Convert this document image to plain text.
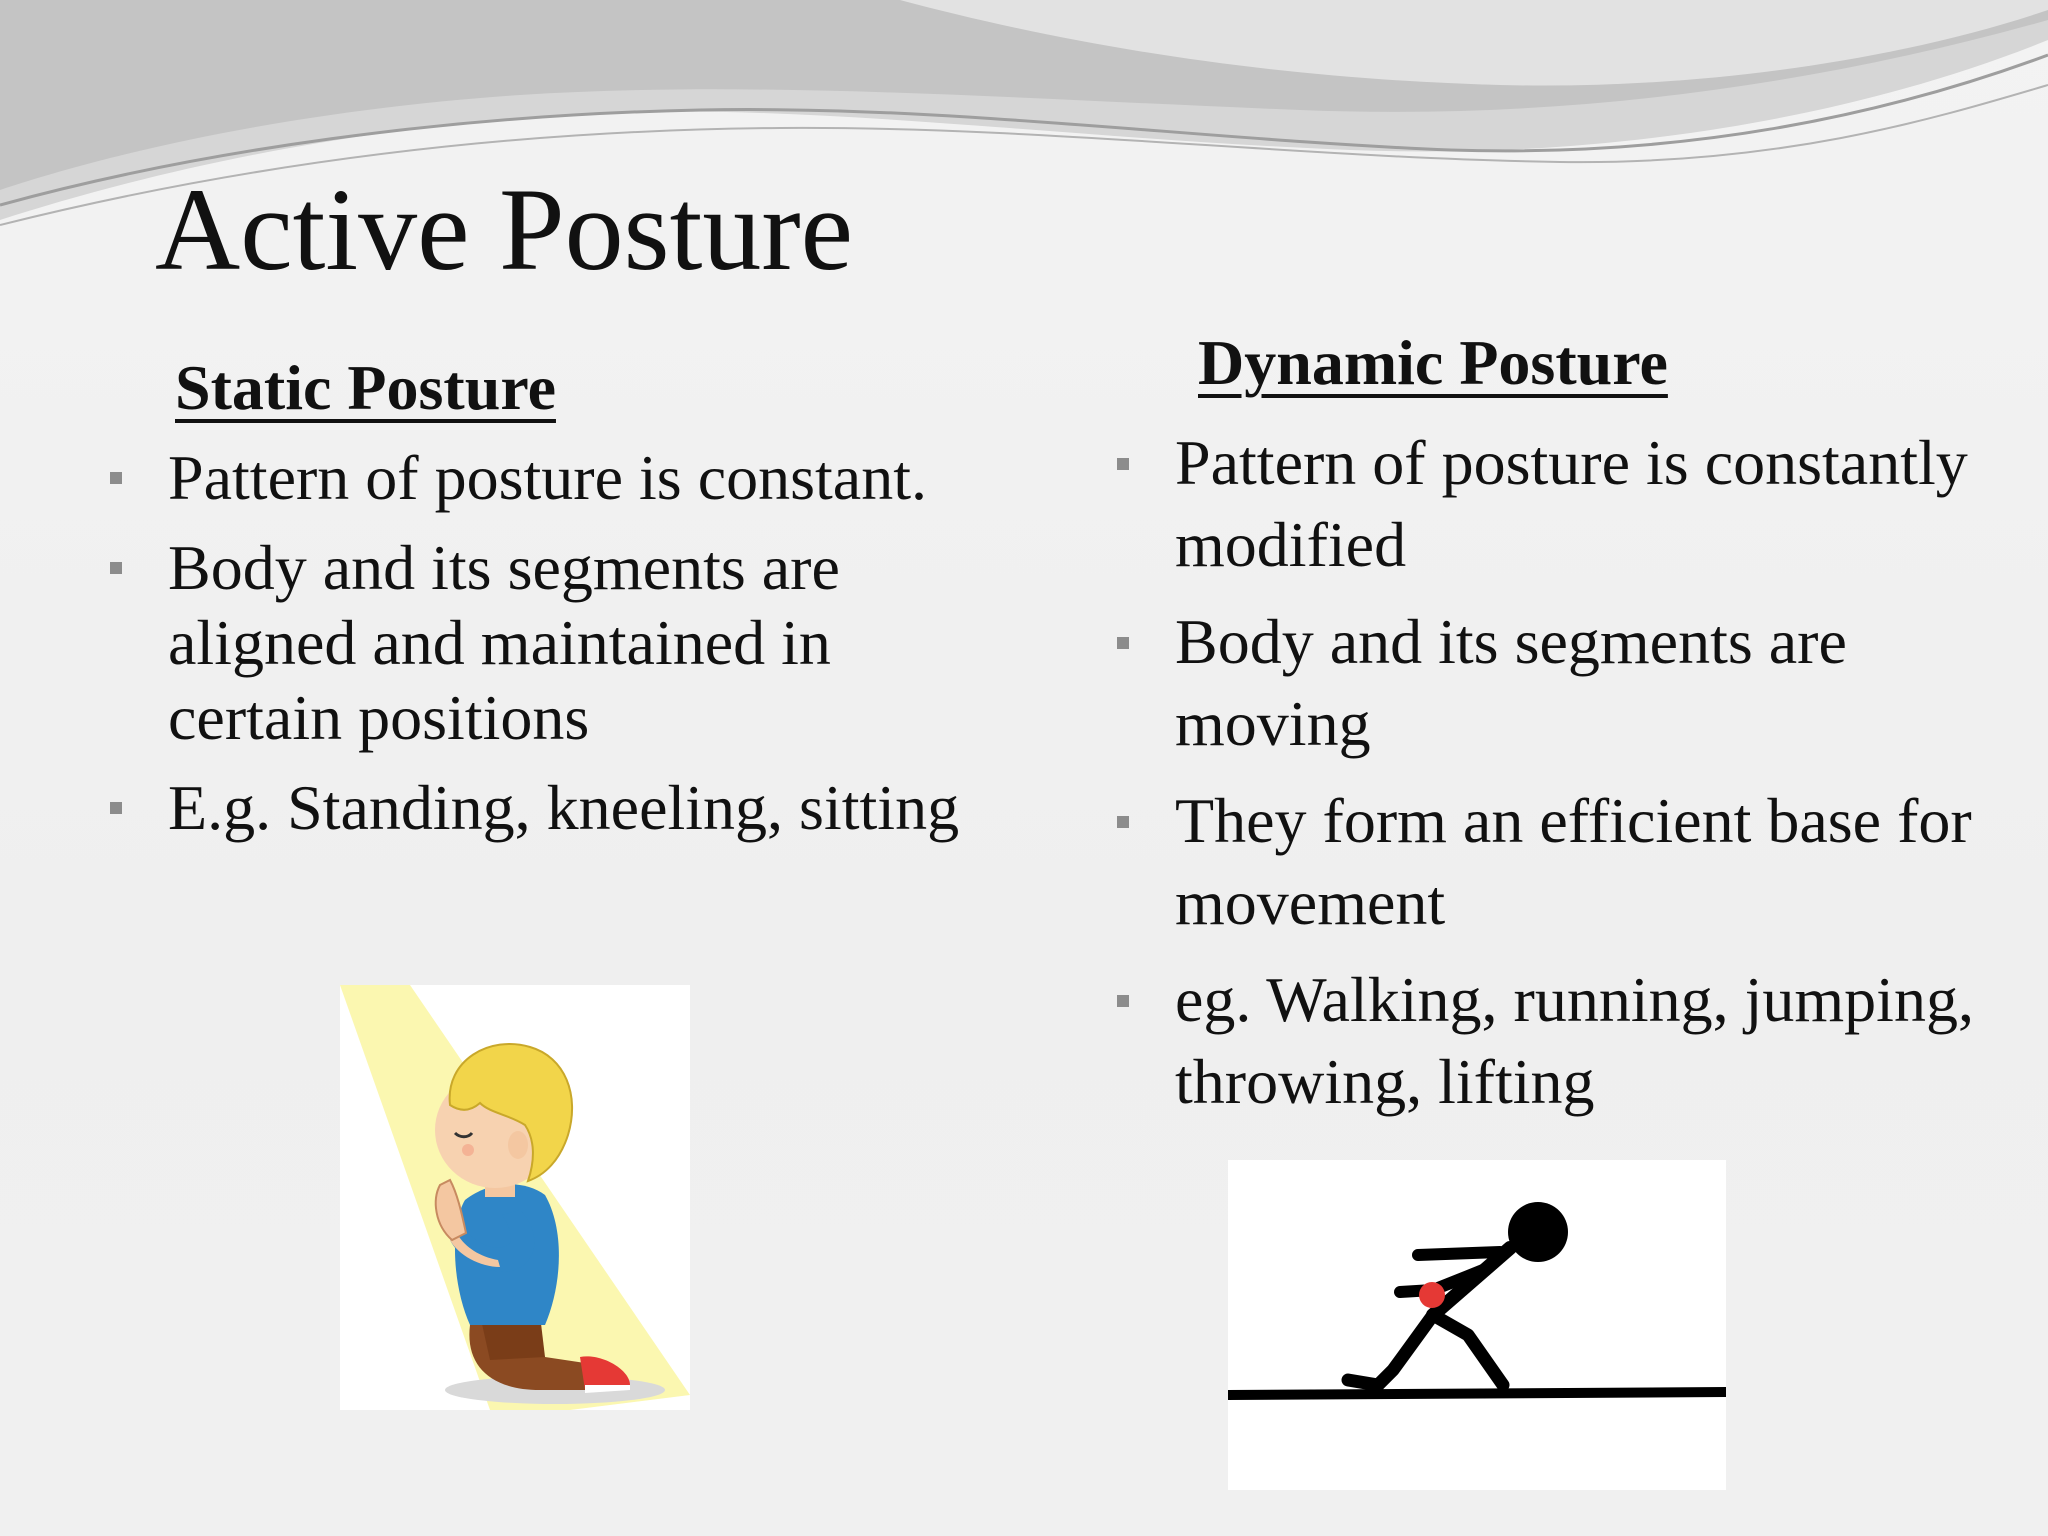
Active Posture
Static Posture
Pattern of posture is constant.
Body and its segments are aligned and maintained in certain positions
E.g. Standing, kneeling, sitting
Dynamic Posture
Pattern of posture is constantly modified
Body and its segments are moving
They form an efficient base for movement
eg. Walking, running, jumping, throwing, lifting
